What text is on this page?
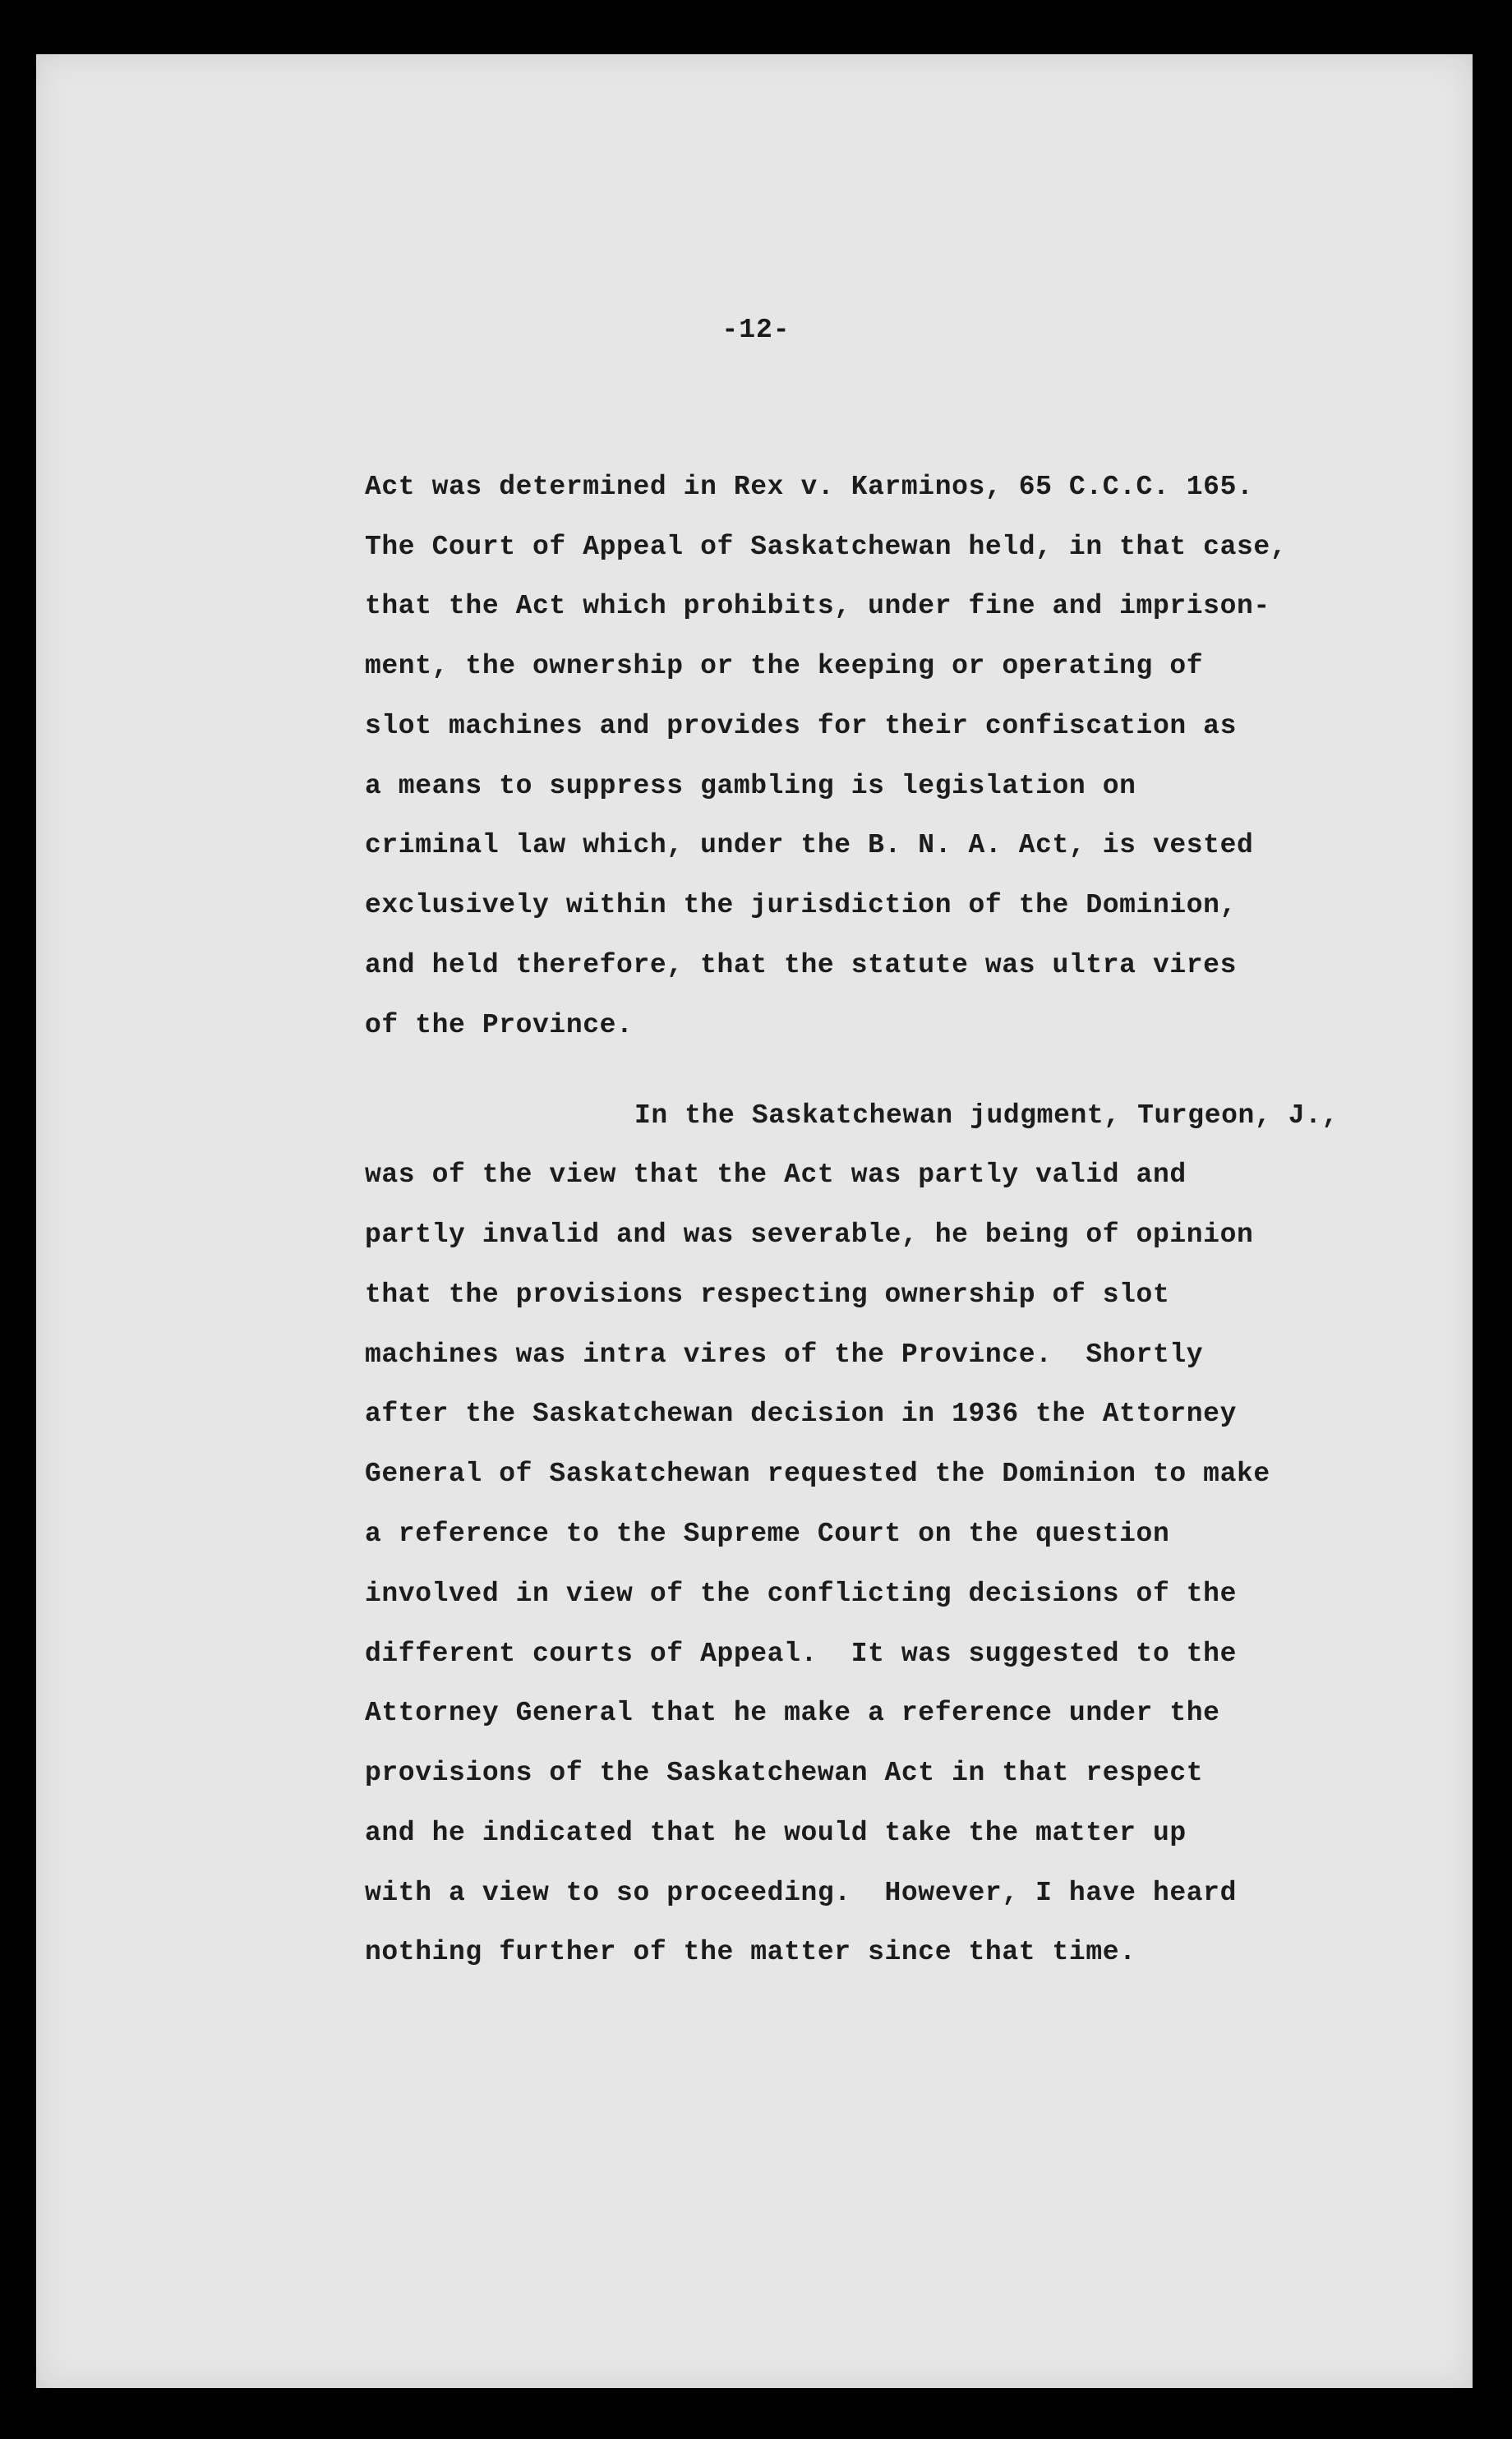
-12-
Act was determined in Rex v. Karminos, 65 C.C.C. 165.
The Court of Appeal of Saskatchewan held, in that case,
that the Act which prohibits, under fine and imprison-
ment, the ownership or the keeping or operating of
slot machines and provides for their confiscation as
a means to suppress gambling is legislation on
criminal law which, under the B. N. A. Act, is vested
exclusively within the jurisdiction of the Dominion,
and held therefore, that the statute was ultra vires
of the Province.
In the Saskatchewan judgment, Turgeon, J.,
was of the view that the Act was partly valid and
partly invalid and was severable, he being of opinion
that the provisions respecting ownership of slot
machines was intra vires of the Province.  Shortly
after the Saskatchewan decision in 1936 the Attorney
General of Saskatchewan requested the Dominion to make
a reference to the Supreme Court on the question
involved in view of the conflicting decisions of the
different courts of Appeal.  It was suggested to the
Attorney General that he make a reference under the
provisions of the Saskatchewan Act in that respect
and he indicated that he would take the matter up
with a view to so proceeding.  However, I have heard
nothing further of the matter since that time.
